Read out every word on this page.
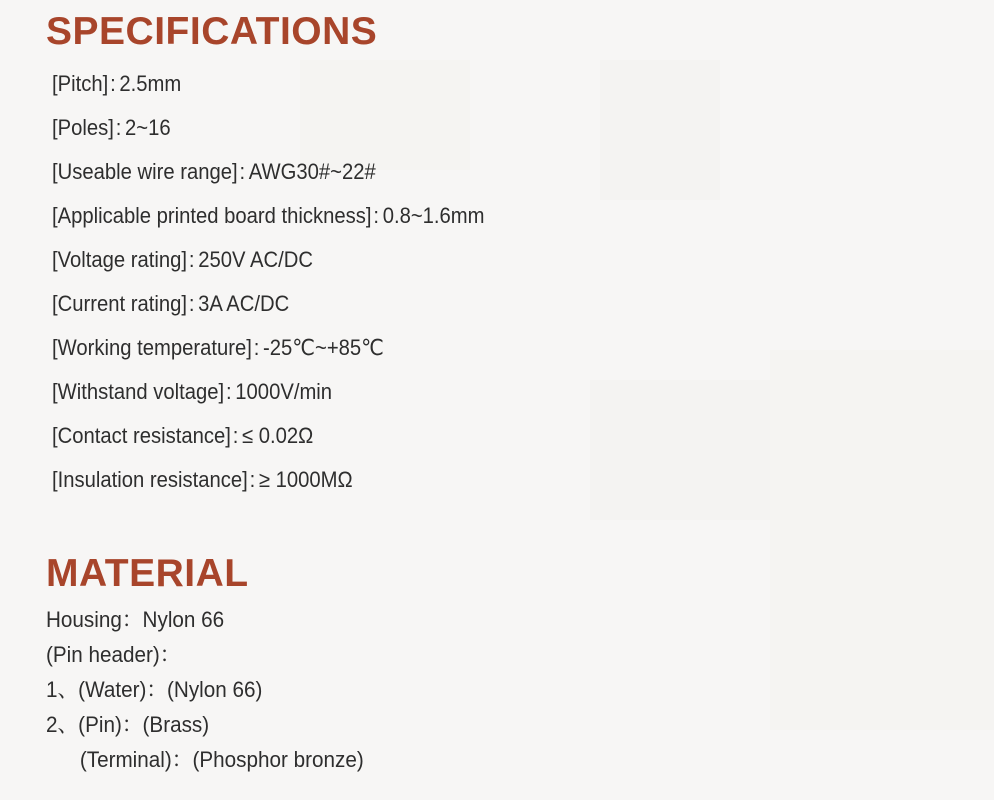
SPECIFICATIONS
[Pitch]: 2.5mm
[Poles]: 2~16
[Useable wire range]: AWG30#~22#
[Applicable printed board thickness]: 0.8~1.6mm
[Voltage rating]: 250V AC/DC
[Current rating]: 3A AC/DC
[Working temperature]: -25℃~+85℃
[Withstand voltage]: 1000V/min
[Contact resistance]: ≤ 0.02Ω
[Insulation resistance]: ≥ 1000MΩ
MATERIAL
Housing：Nylon 66
(Pin header)：
1、(Water)：(Nylon 66)
2、(Pin)：(Brass)
(Terminal)：(Phosphor bronze)
